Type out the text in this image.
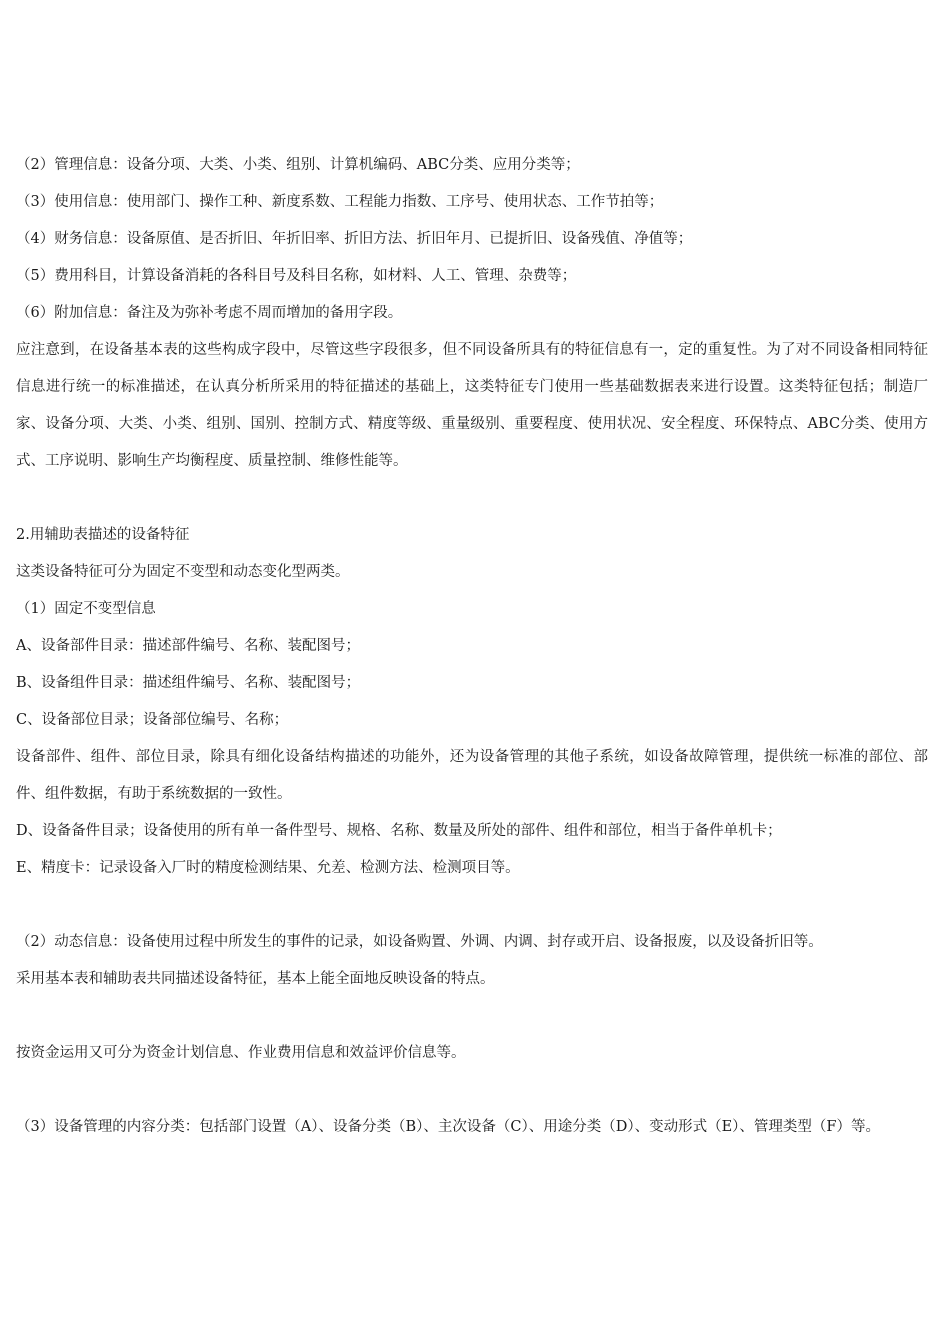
（2）管理信息：设备分项、大类、小类、组别、计算机编码、ABC分类、应用分类等；
（3）使用信息：使用部门、操作工种、新度系数、工程能力指数、工序号、使用状态、工作节拍等；
（4）财务信息：设备原值、是否折旧、年折旧率、折旧方法、折旧年月、已提折旧、设备残值、净值等；
（5）费用科目，计算设备消耗的各科目号及科目名称，如材料、人工、管理、杂费等；
（6）附加信息：备注及为弥补考虑不周而增加的备用字段。
应注意到，在设备基本表的这些构成字段中，尽管这些字段很多，但不同设备所具有的特征信息有一，定的重复性。为了对不同设备相同特征信息进行统一的标准描述，在认真分析所采用的特征描述的基础上，这类特征专门使用一些基础数据表来进行设置。这类特征包括；制造厂家、设备分项、大类、小类、组别、国别、控制方式、精度等级、重量级别、重要程度、使用状况、安全程度、环保特点、ABC分类、使用方式、工序说明、影响生产均衡程度、质量控制、维修性能等。
2.用辅助表描述的设备特征
这类设备特征可分为固定不变型和动态变化型两类。
（1）固定不变型信息
A、设备部件目录：描述部件编号、名称、装配图号；
B、设备组件目录：描述组件编号、名称、装配图号；
C、设备部位目录；设备部位编号、名称；
设备部件、组件、部位目录，除具有细化设备结构描述的功能外，还为设备管理的其他子系统，如设备故障管理，提供统一标准的部位、部件、组件数据，有助于系统数据的一致性。
D、设备备件目录；设备使用的所有单一备件型号、规格、名称、数量及所处的部件、组件和部位，相当于备件单机卡；
E、精度卡：记录设备入厂时的精度检测结果、允差、检测方法、检测项目等。
（2）动态信息：设备使用过程中所发生的事件的记录，如设备购置、外调、内调、封存或开启、设备报废，以及设备折旧等。
采用基本表和辅助表共同描述设备特征，基本上能全面地反映设备的特点。
按资金运用又可分为资金计划信息、作业费用信息和效益评价信息等。
（3）设备管理的内容分类：包括部门设置（A）、设备分类（B）、主次设备（C）、用途分类（D）、变动形式（E）、管理类型（F）等。
